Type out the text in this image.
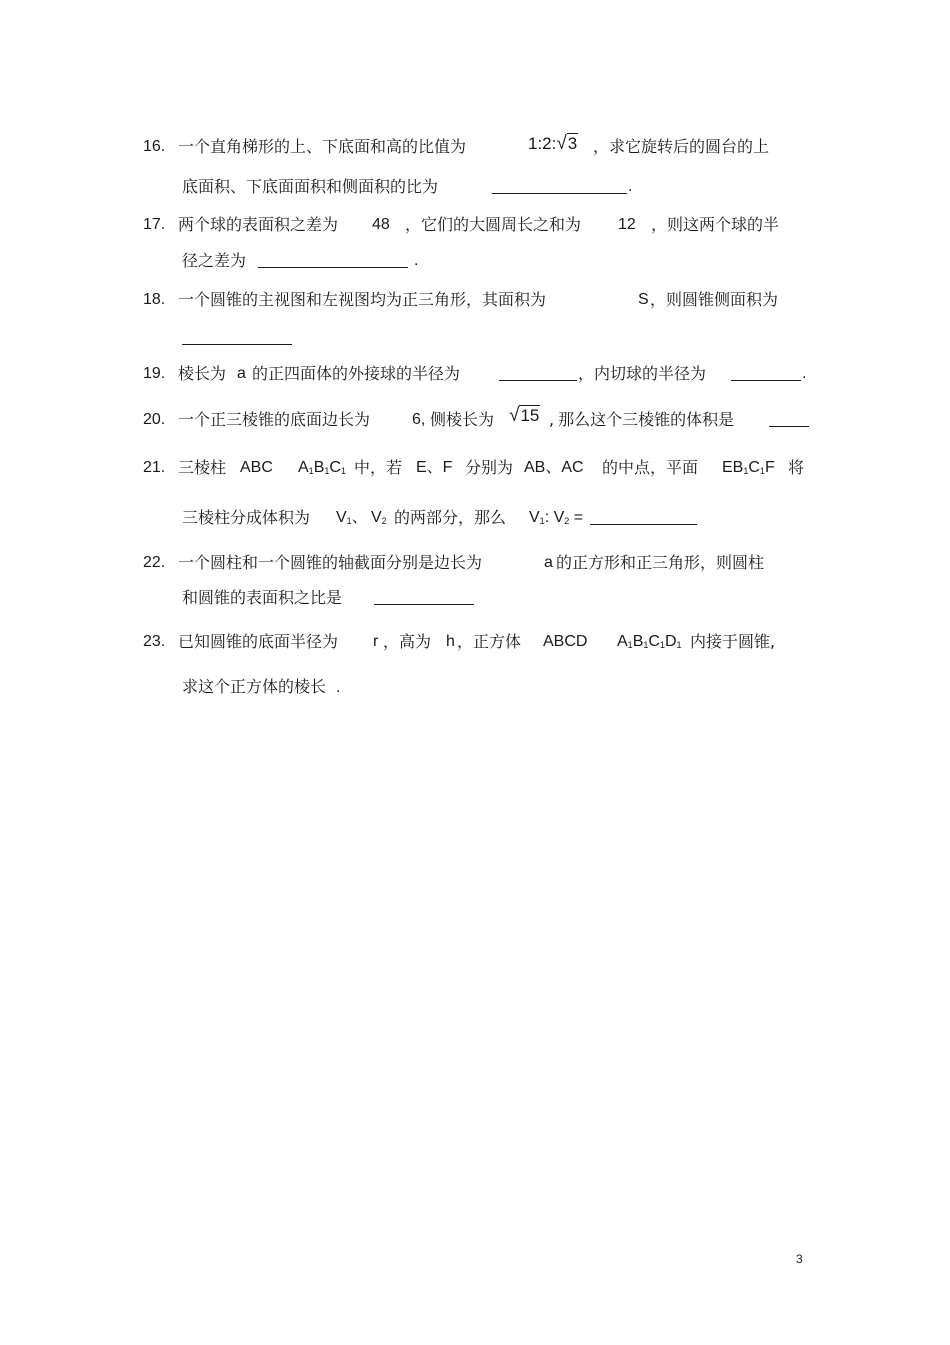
16. 一个直角梯形的上、下底面和高的比值为	1:2:√3 ，求它旋转后的圆台的上
底面积、下底面面积和侧面积的比为	.
17. 两个球的表面积之差为 48 ，它们的大圆周长之和为 12 ，则这两个球的半
径之差为	.
18. 一个圆锥的主视图和左视图均为正三角形，其面积为	S ，则圆锥侧面积为
19. 棱长为 a 的正四面体的外接球的半径为	，内切球的半径为	.
20. 一个正三棱锥的底面边长为	6, 侧棱长为 √15 , 那么这个三棱锥的体积是
21. 三棱柱 ABC $A_1B_1C_1$ 中，若 E、F 分别为 AB、AC 的中点，平面 $EB_1C_1F$ 将
三棱柱分成体积为 $V_1$、 $V_2$ 的两部分，那么 $V_1$: $V_2$ =
22. 一个圆柱和一个圆锥的轴截面分别是边长为	a 的正方形和正三角形，则圆柱
和圆锥的表面积之比是
23. 已知圆锥的底面半径为 r ，高为 h ，正方体 ABCD $A_1B_1C_1D_1$ 内接于圆锥,
求这个正方体的棱长 .
3
